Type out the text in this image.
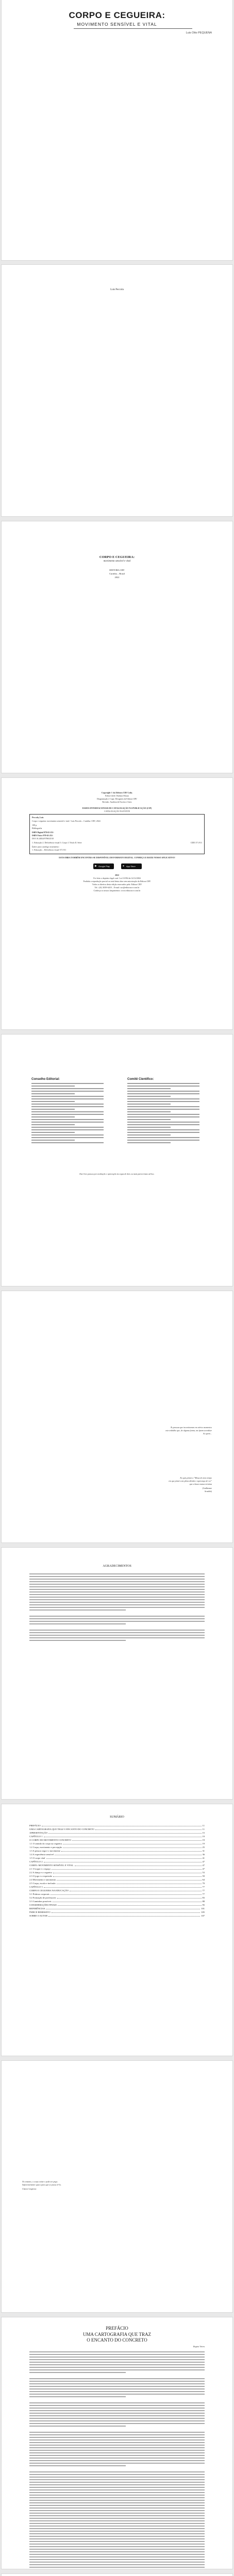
CORPO E CEGUEIRA:
MOVIMENTO SENSÍVEL E VITAL
Luis Otto PEQUENA
Luis Peccola
CORPO E CEGUEIRA:
movimento sensível e vital
EDITORA CRV
Curitiba – Brasil
2022
Copyright © da Editora CRV Ltda.
Editor-chefe: Railson Moura
Diagramação e Capa: Designers da Editora CRV
Revisão: Analista de Escrita e Artes
DADOS INTERNACIONAIS DE CATALOGAÇÃO NA PUBLICAÇÃO (CIP)
CATALOGAÇÃO NA FONTE
Peccola, Luis
Corpo e cegueira: movimento sensível e vital / Luis Peccola – Curitiba: CRV, 2022.
108 p.
Bibliografia
ISBN Digital 978-65-251-
ISBN Físico 978-65-251-
DOI 10.24824/978652510
1. Educação 2. Deficiência visual 3. Corpo I. Título II. Série	CDD 371.911
Índice para catálogo sistemático
1. Educação – Deficiência visual 371.911
ESTA OBRA TAMBÉM ENCONTRA-SE DISPONÍVEL EM FORMATO DIGITAL. CONHEÇA E BAIXE NOSSO APLICATIVO!
▶ Google Play	● App Store
2022
Foi feito o depósito legal conf. Lei 10.994 de 14/12/2004
Proibida a reprodução parcial ou total desta obra sem autorização da Editora CRV
Todos os direitos desta edição reservados pela: Editora CRV
Tel.: (41) 3039-6418 – E-mail: sac@editoracrv.com.br
Conheça os nossos lançamentos: www.editoracrv.com.br
Conselho Editorial:	Comitê Científico:
Este livro passou por avaliação e aprovação às cegas de dois ou mais pareceristas ad hoc.
Às pessoas que incentivaram em vários momentos
este trabalho que, de alguma forma, me fazem acreditar
Ao quem...
Eu quis pintar a "Missa do meu tempo
em que pintei com plena dúvida e esperança de ver"
que a busca nunca termina
(Guilherme
Arnaldo)
AGRADECIMENTOS
SUMÁRIO
PREFÁCIO	11
UMA CARTOGRAFIA QUE TRAZ O ENCANTO DO CONCRETO	11
APRESENTAÇÃO	15
CAPÍTULO 1	19
O CORPO DO MOVIMENTO CONCRETO	19
1.1 O sentido do corpo na cegueira	19
1.2 Corpo, movimento e percepção	25
1.3 A pessoa cega e o movimento	31
1.4 A experiência sensível	36
1.5 O corpo vital	41
CAPÍTULO 2	47
CORPO: MOVIMENTO SENSÍVEL E VITAL	47
2.1 O toque e o espaço	47
2.2 A dança e a cegueira	53
2.3 O jogo e a expressão	59
2.4 Movimento e autonomia	64
2.5 Corpo, escola e inclusão	70
CAPÍTULO 3	77
CORPO E CEGUEIRA NA EDUCAÇÃO	77
3.1 Práticas corporais	77
3.2 Formação de professores	83
3.3 Caminhos possíveis	88
CONSIDERAÇÕES FINAIS	95
REFERÊNCIAS	101
ÍNDICE REMISSIVO	105
SOBRE O AUTOR	107
No entanto, o corpo existe e pode ser pego.
Suficientemente opaco para que se possa vê-lo.
Clarice Lispector
PREFÁCIO
UMA CARTOGRAFIA QUE TRAZ
O ENCANTO DO CONCRETO
Regina Vieira
